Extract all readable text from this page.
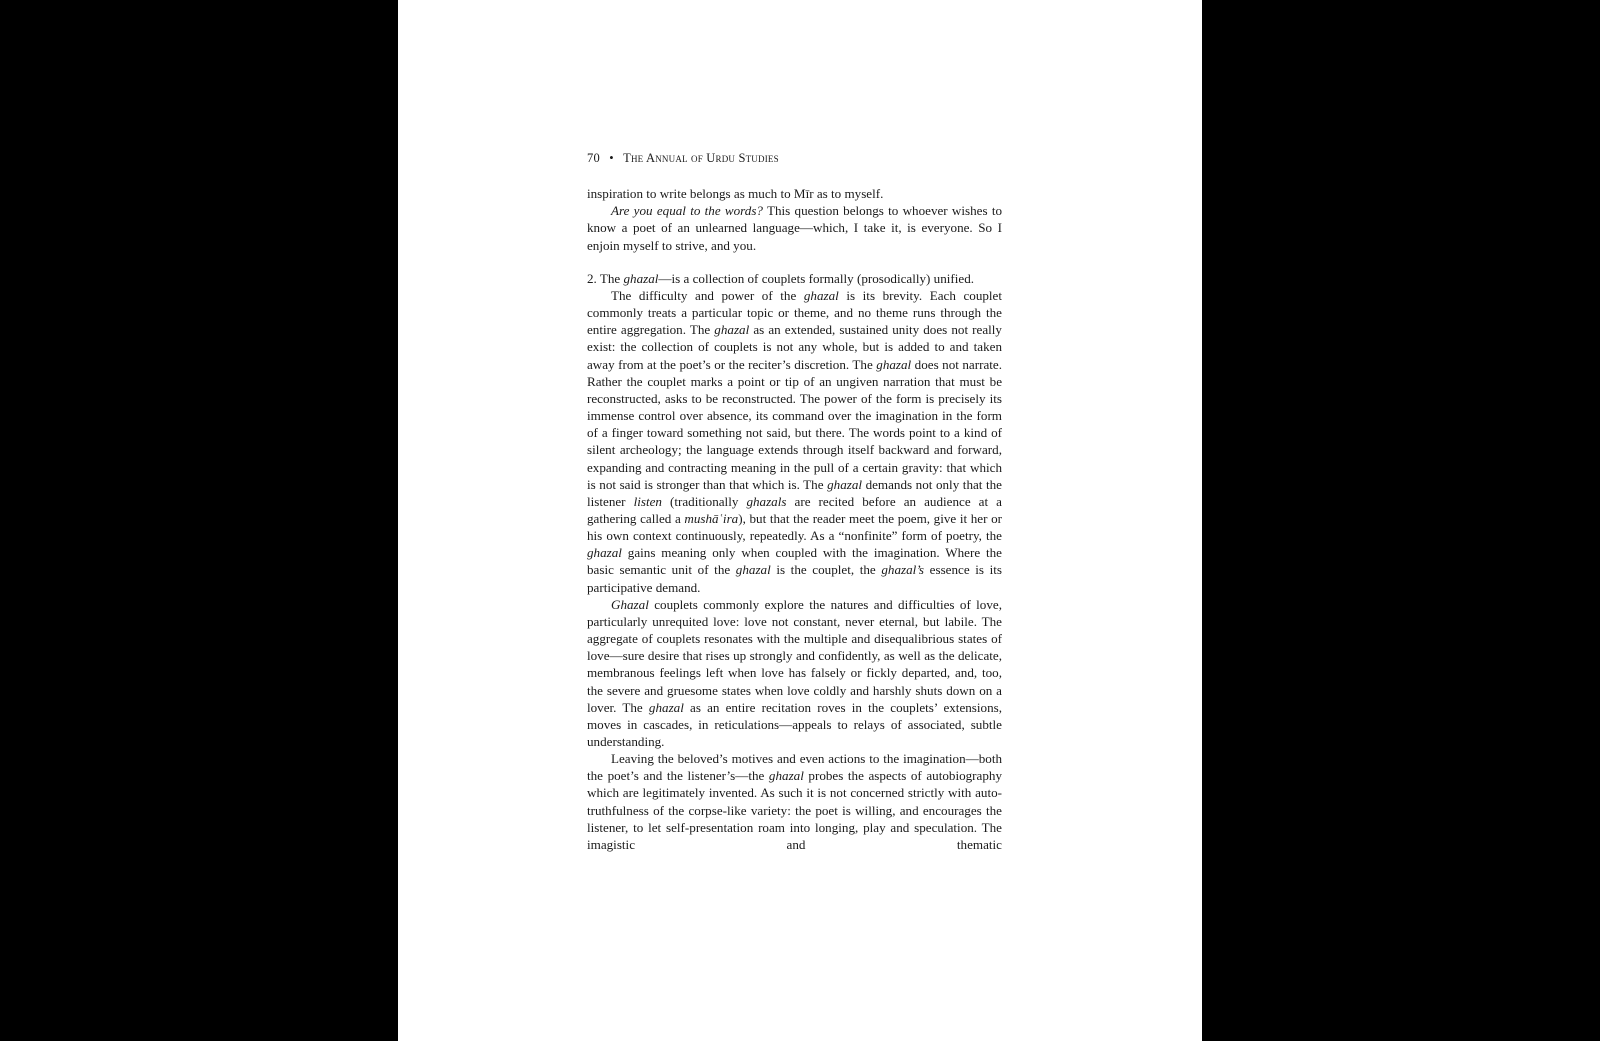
70 • The Annual of Urdu Studies

inspiration to write belongs as much to Mīr as to myself.

Are you equal to the words? This question belongs to whoever wishes to know a poet of an unlearned language—which, I take it, is everyone. So I enjoin myself to strive, and you.

2. The ghazal—is a collection of couplets formally (prosodically) unified.

The difficulty and power of the ghazal is its brevity. Each couplet commonly treats a particular topic or theme, and no theme runs through the entire aggregation. The ghazal as an extended, sustained unity does not really exist: the collection of couplets is not any whole, but is added to and taken away from at the poet’s or the reciter’s discretion. The ghazal does not narrate. Rather the couplet marks a point or tip of an ungiven narration that must be reconstructed, asks to be reconstructed. The power of the form is precisely its immense control over absence, its command over the imagination in the form of a finger toward something not said, but there. The words point to a kind of silent archeology; the language extends through itself backward and forward, expanding and contracting meaning in the pull of a certain gravity: that which is not said is stronger than that which is. The ghazal demands not only that the listener listen (traditionally ghazals are recited before an audience at a gathering called a mushāʿira), but that the reader meet the poem, give it her or his own context continuously, repeatedly. As a “nonfinite” form of poetry, the ghazal gains meaning only when coupled with the imagination. Where the basic semantic unit of the ghazal is the couplet, the ghazal’s essence is its participative demand.

Ghazal couplets commonly explore the natures and difficulties of love, particularly unrequited love: love not constant, never eternal, but labile. The aggregate of couplets resonates with the multiple and disequalibrious states of love—sure desire that rises up strongly and confidently, as well as the delicate, membranous feelings left when love has falsely or fickly departed, and, too, the severe and gruesome states when love coldly and harshly shuts down on a lover. The ghazal as an entire recitation roves in the couplets’ extensions, moves in cascades, in reticulations—appeals to relays of associated, subtle understanding.

Leaving the beloved’s motives and even actions to the imagination—both the poet’s and the listener’s—the ghazal probes the aspects of autobiography which are legitimately invented. As such it is not concerned strictly with auto-truthfulness of the corpse-like variety: the poet is willing, and encourages the listener, to let self-presentation roam into longing, play and speculation. The imagistic and thematic
